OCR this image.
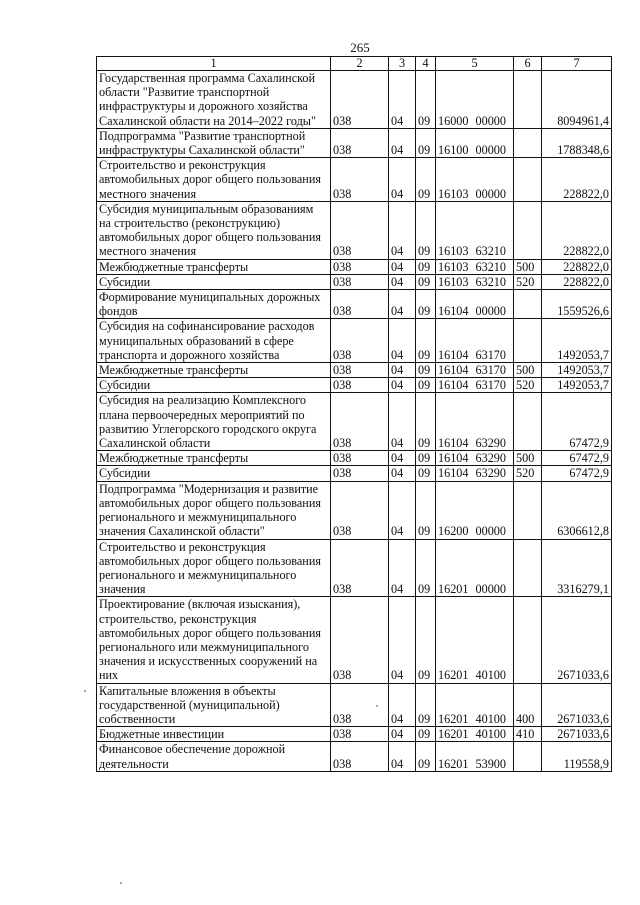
265
1	2	3	4	5	6	7
Государственная программа Сахалинской области "Развитие транспортной инфраструктуры и дорожного хозяйства Сахалинской области на 2014–2022 годы"	038	04	09	16000 00000		8094961,4
Подпрограмма "Развитие транспортной инфраструктуры Сахалинской области"	038	04	09	16100 00000		1788348,6
Строительство и реконструкция автомобильных дорог общего пользования местного значения	038	04	09	16103 00000		228822,0
Субсидия муниципальным образованиям на строительство (реконструкцию) автомобильных дорог общего пользования местного значения	038	04	09	16103 63210		228822,0
Межбюджетные трансферты	038	04	09	16103 63210	500	228822,0
Субсидии	038	04	09	16103 63210	520	228822,0
Формирование муниципальных дорожных фондов	038	04	09	16104 00000		1559526,6
Субсидия на софинансирование расходов муниципальных образований в сфере транспорта и дорожного хозяйства	038	04	09	16104 63170		1492053,7
Межбюджетные трансферты	038	04	09	16104 63170	500	1492053,7
Субсидии	038	04	09	16104 63170	520	1492053,7
Субсидия на реализацию Комплексного плана первоочередных мероприятий по развитию Углегорского городского округа Сахалинской области	038	04	09	16104 63290		67472,9
Межбюджетные трансферты	038	04	09	16104 63290	500	67472,9
Субсидии	038	04	09	16104 63290	520	67472,9
Подпрограмма "Модернизация и развитие автомобильных дорог общего пользования регионального и межмуниципального значения Сахалинской области"	038	04	09	16200 00000		6306612,8
Строительство и реконструкция автомобильных дорог общего пользования регионального и межмуниципального значения	038	04	09	16201 00000		3316279,1
Проектирование (включая изыскания), строительство, реконструкция автомобильных дорог общего пользования регионального или межмуниципального значения и искусственных сооружений на них	038	04	09	16201 40100		2671033,6
Капитальные вложения в объекты государственной (муниципальной) собственности	038	04	09	16201 40100	400	2671033,6
Бюджетные инвестиции	038	04	09	16201 40100	410	2671033,6
Финансовое обеспечение дорожной деятельности	038	04	09	16201 53900		119558,9
